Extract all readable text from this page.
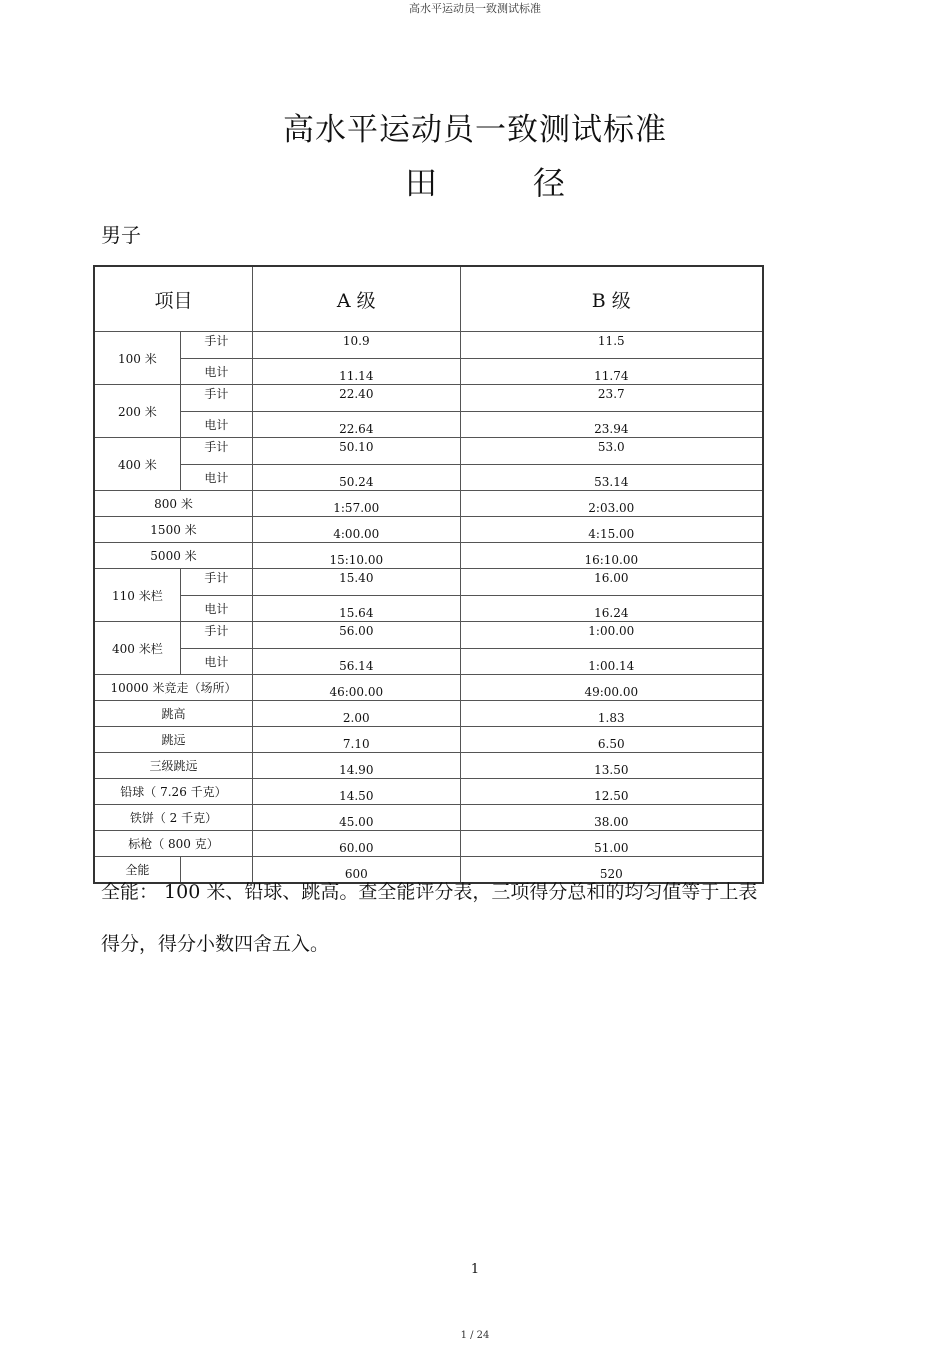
高水平运动员一致测试标准
高水平运动员一致测试标准
田	径
男子
项目		A 级	B 级
100 米	手计	10.9	11.5
	电计	11.14	11.74
200 米	手计	22.40	23.7
	电计	22.64	23.94
400 米	手计	50.10	53.0
	电计	50.24	53.14
800 米		1:57.00	2:03.00
1500 米		4:00.00	4:15.00
5000 米		15:10.00	16:10.00
110 米栏	手计	15.40	16.00
	电计	15.64	16.24
400 米栏	手计	56.00	1:00.00
	电计	56.14	1:00.14
10000 米竞走（场所）		46:00.00	49:00.00
跳高		2.00	1.83
跳远		7.10	6.50
三级跳远		14.90	13.50
铅球（ 7.26 千克）		14.50	12.50
铁饼（ 2 千克）		45.00	38.00
标枪（ 800 克）		60.00	51.00
全能		600	520
全能： 100 米、铅球、跳高。查全能评分表，三项得分总和的均匀值等于上表
得分，得分小数四舍五入。
1
1 / 24
